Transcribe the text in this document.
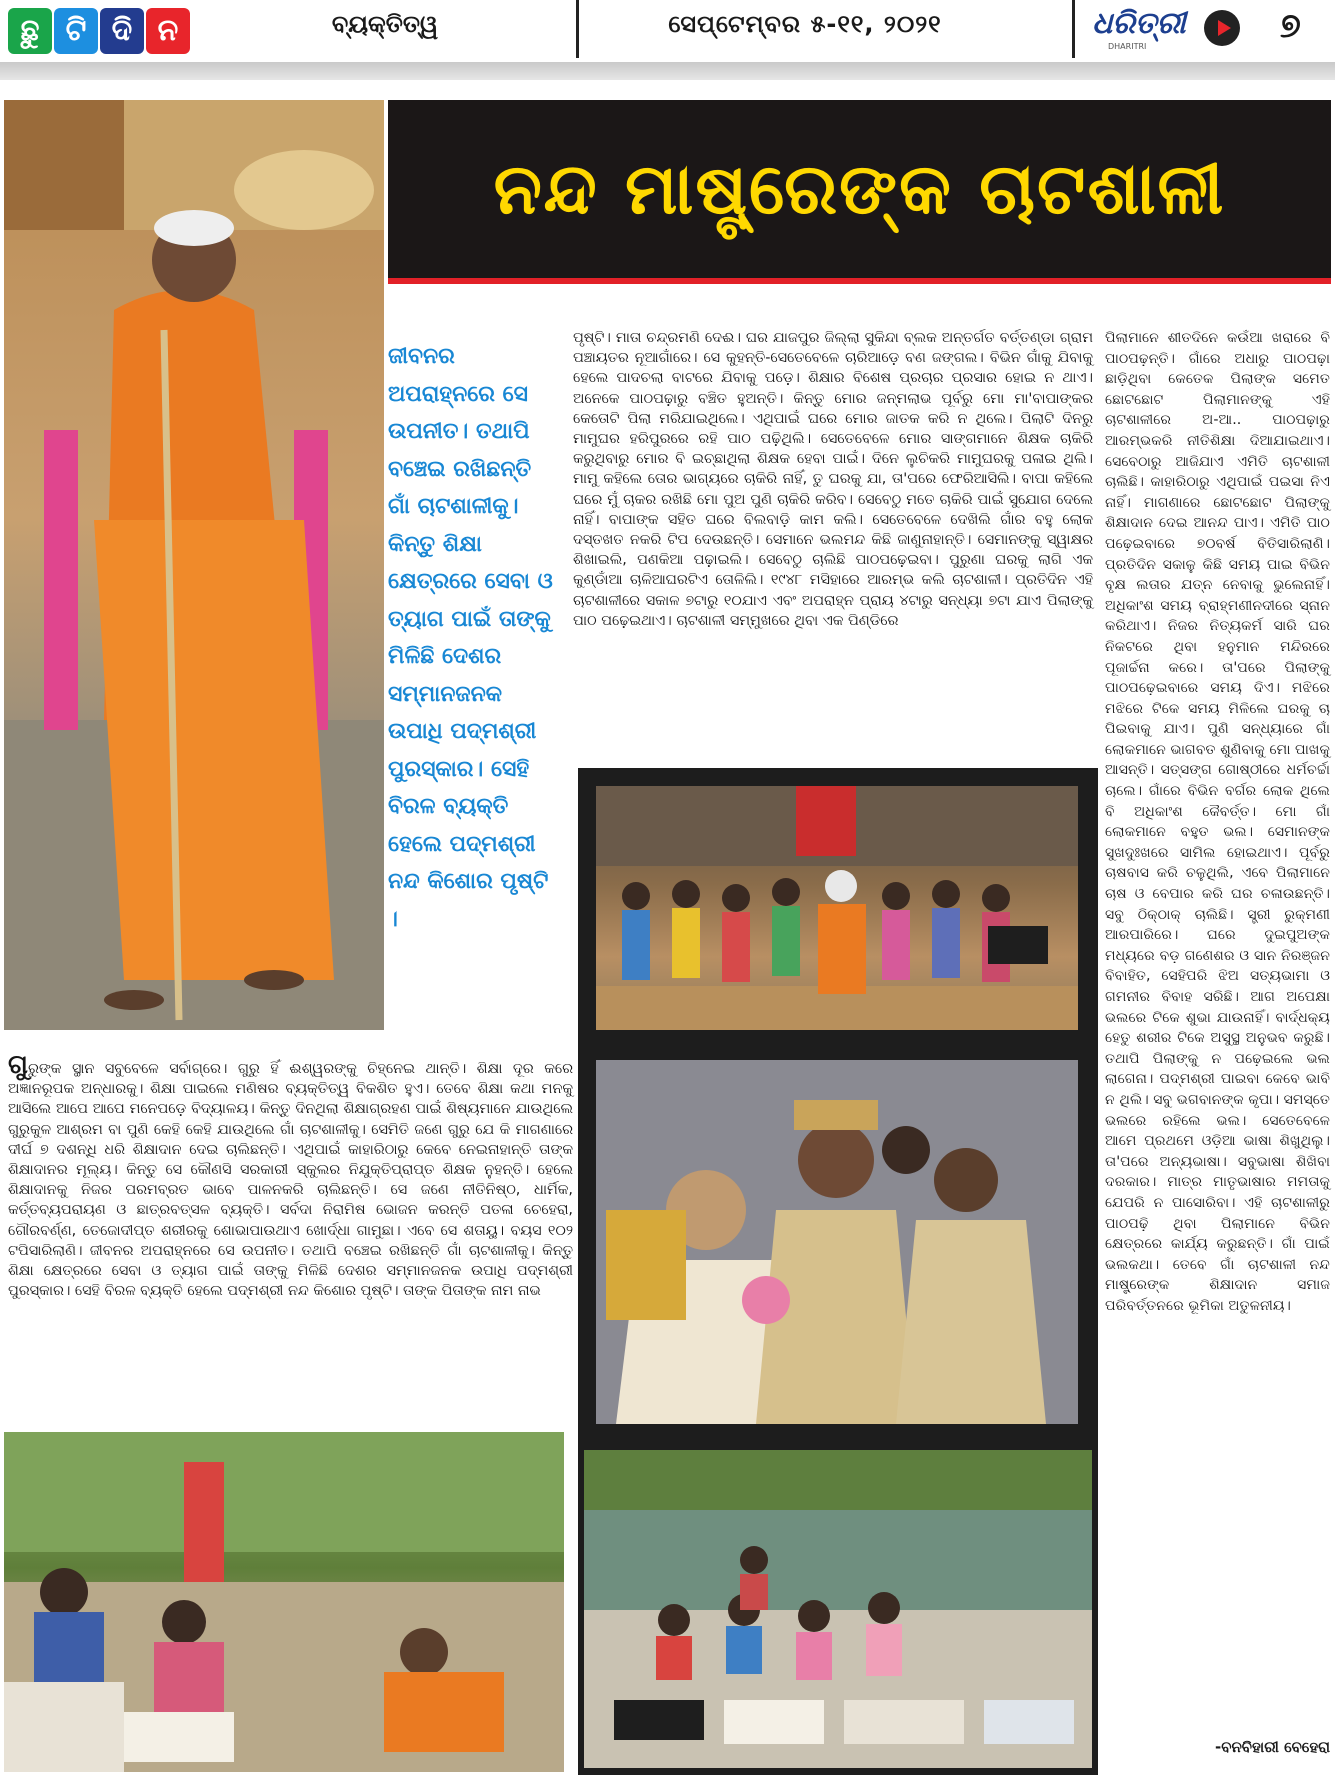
ଛୁ ଟି ଦି ନ	ବ୍ୟକ୍ତିତ୍ୱ	ସେପ୍ଟେମ୍ବର ୫-୧୧, ୨୦୨୧	ଧରିତ୍ରୀ
DHARITRI
୭
ନନ୍ଦ ମାଷ୍ଟ୍ରେଙ୍କ ଚାଟଶାଳୀ
ଜୀବନର ଅପରାହ୍ନରେ ସେ ଉପନୀତ। ତଥାପି ବଞ୍ଚେଇ ରଖିଛନ୍ତି ଗାଁ ଚାଟଶାଳୀକୁ। କିନ୍ତୁ ଶିକ୍ଷା କ୍ଷେତ୍ରରେ ସେବା ଓ ତ୍ୟାଗ ପାଇଁ ତାଙ୍କୁ ମିଳିଛି ଦେଶର ସମ୍ମାନଜନକ ଉପାଧି ପଦ୍ମଶ୍ରୀ ପୁରସ୍କାର। ସେହି ବିରଳ ବ୍ୟକ୍ତି ହେଲେ ପଦ୍ମଶ୍ରୀ ନନ୍ଦ କିଶୋର ପୃଷ୍ଟି ।
ପୃଷ୍ଟି। ମାତା ଚନ୍ଦ୍ରମଣି ଦେଈ। ଘର ଯାଜପୁର ଜିଲ୍ଲା ସୁକିନ୍ଦା ବ୍ଲକ ଅନ୍ତର୍ଗତ ବର୍ତ୍ତଣ୍ଡା ଗ୍ରାମ ପଞ୍ଚାୟତର ନୂଆଗାଁରେ। ସେ କୁହନ୍ତି-ସେତେବେଳେ ଚାରିଆଡ଼େ ବଣ ଜଙ୍ଗଲ। ବିଭିନ ଗାଁକୁ ଯିବାକୁ ହେଲେ ପାଦଚଲା ବାଟରେ ଯିବାକୁ ପଡ଼େ। ଶିକ୍ଷାର ବିଶେଷ ପ୍ରଚାର ପ୍ରସାର ହୋଇ ନ ଥାଏ। ଅନେକେ ପାଠପଢ଼ାରୁ ବଞ୍ଚିତ ହୁଅନ୍ତି। କିନ୍ତୁ ମୋର ଜନ୍ମଲାଭ ପୂର୍ବରୁ ମୋ ମା'ବାପାଙ୍କର କେତୋଟି ପିଲା ମରିଯାଇଥିଲେ। ଏଥିପାଇଁ ଘରେ ମୋର ଜାତକ କରି ନ ଥିଲେ। ପିଲାଟି ଦିନରୁ ମାମୁଘର ହରିପୁରରେ ରହି ପାଠ ପଢ଼ିଥିଲି। ସେତେବେଳେ ମୋର ସାଙ୍ଗମାନେ ଶିକ୍ଷକ ଚାକିରି କରୁଥିବାରୁ ମୋର ବି ଇଚ୍ଛାଥିଲା ଶିକ୍ଷକ ହେବା ପାଇଁ। ଦିନେ ଲୁଚିକରି ମାମୁଘରକୁ ପଳାଇ ଥିଲି। ମାମୁ କହିଲେ ତୋର ଭାଗ୍ୟରେ ଚାକିରି ନାହିଁ, ତୁ ଘରକୁ ଯା, ତା'ପରେ ଫେରିଆସିଲି। ବାପା କହିଲେ ଘରେ ମୁଁ ଚାକର ରଖିଛି ମୋ ପୁଅ ପୁଣି ଚାକିରି କରିବ। ସେବେଠୁ ମତେ ଚାକିରି ପାଇଁ ସୁଯୋଗ ଦେଲେ ନାହିଁ। ବାପାଙ୍କ ସହିତ ଘରେ ବିଲବାଡ଼ି କାମ କଲି। ସେତେବେଳେ ଦେଖିଲି ଗାଁର ବହୁ ଲୋକ ଦସ୍ତଖତ ନକରି ଟିପ ଦେଉଛନ୍ତି। ସେମାନେ ଭଲମନ୍ଦ କିଛି ଜାଣୁନାହାନ୍ତି। ସେମାନଙ୍କୁ ସ୍ୱାକ୍ଷର ଶିଖାଇଲି, ପଣକିଆ ପଢ଼ାଇଲି। ସେବେଠୁ ଚାଲିଛି ପାଠପଢ଼େଇବା। ପୁରୁଣା ଘରକୁ ଲାଗି ଏକ କୁଣ୍ଡାଁଆ ଚାଳିଆଘରଟିଏ ତୋଳିଲି। ୧୯୪୮ ମସିହାରେ ଆରମ୍ଭ କଲି ଚାଟଶାଳୀ। ପ୍ରତିଦିନ ଏହି ଚାଟଶାଳୀରେ ସକାଳ ୭ଟାରୁ ୧୦ଯାଏ ଏବଂ ଅପରାହ୍ନ ପ୍ରାୟ ୪ଟାରୁ ସନ୍ଧ୍ୟା ୭ଟା ଯାଏ ପିଲାଙ୍କୁ ପାଠ ପଢ଼େଇଥାଏ। ଚାଟଶାଳୀ ସମ୍ମୁଖରେ ଥିବା ଏକ ପିଣ୍ଡିରେ
ପିଲାମାନେ ଶୀତଦିନେ କଉଁଆ ଖରାରେ ବି ପାଠପଢ଼ନ୍ତି। ଗାଁରେ ଅଧାରୁ ପାଠପଢ଼ା ଛାଡ଼ିଥିବା କେତେକ ପିଲାଙ୍କ ସମେତ ଛୋଟଛୋଟ ପିଲାମାନଙ୍କୁ ଏହି ଚାଟଶାଳୀରେ ଅ-ଆ.. ପାଠପଢ଼ାରୁ ଆରମ୍ଭକରି ନୀତିଶିକ୍ଷା ଦିଆଯାଇଥାଏ। ସେବେଠାରୁ ଆଜିଯାଏ ଏମିତି ଚାଟଶାଳୀ ଚାଲିଛି। କାହାରିଠାରୁ ଏଥିପାଇଁ ପଇସା ନିଏ ନାହିଁ। ମାଗଣାରେ ଛୋଟଛୋଟ ପିଲାଙ୍କୁ ଶିକ୍ଷାଦାନ ଦେଇ ଆନନ୍ଦ ପାଏ। ଏମିତି ପାଠ ପଢ଼େଇବାରେ ୭୦ବର୍ଷ ବିତିସାରିଲାଣି। ପ୍ରତିଦିନ ସକାଳୁ କିଛି ସମୟ ପାଇ ବିଭିନ ବୃକ୍ଷ ଲତାର ଯତ୍ନ ନେବାକୁ ଭୁଲେନାହିଁ। ଅଧିକାଂଶ ସମୟ ବ୍ରାହ୍ମଣୀନଦୀରେ ସ୍ନାନ କରିଥାଏ। ନିଜର ନିତ୍ୟକର୍ମ ସାରି ଘର ନିକଟରେ ଥିବା ହନୁମାନ ମନ୍ଦିରରେ ପୂଜାର୍ଚ୍ଚନା କରେ। ତା'ପରେ ପିଲାଙ୍କୁ ପାଠପଢ଼େଇବାରେ ସମୟ ଦିଏ। ମଝିରେ ମଝିରେ ଟିକେ ସମୟ ମିଳିଲେ ଘରକୁ ଚା ପିଇବାକୁ ଯାଏ। ପୁଣି ସନ୍ଧ୍ୟାରେ ଗାଁ ଲୋକମାନେ ଭାଗବତ ଶୁଣିବାକୁ ମୋ ପାଖକୁ ଆସନ୍ତି। ସତ୍ସଙ୍ଗ ଗୋଷ୍ଠୀରେ ଧର୍ମଚର୍ଚ୍ଚା ଚାଲେ। ଗାଁରେ ବିଭିନ ବର୍ଗର ଲୋକ ଥିଲେ ବି ଅଧିକାଂଶ କୈବର୍ତ୍ତ। ମୋ ଗାଁ ଲୋକମାନେ ବହୁତ ଭଲ। ସେମାନଙ୍କ ସୁଖଦୁଃଖରେ ସାମିଲ ହୋଇଥାଏ। ପୂର୍ବରୁ ଚାଷବାସ କରି ଚଳୁଥିଲି, ଏବେ ପିଲାମାନେ ଚାଷ ଓ ବେପାର କରି ଘର ଚଳାଉଛନ୍ତି। ସବୁ ଠିକ୍‌ଠାକ୍ ଚାଲିଛି। ସ୍ତ୍ରୀ ରୁକ୍ମଣୀ ଆରପାରିରେ। ଘରେ ଦୁଇପୁଅଙ୍କ ମଧ୍ୟରେ ବଡ଼ ଗଣେଶର ଓ ସାନ ନିରଞ୍ଜନ ବିବାହିତ, ସେହିପରି ଝିଅ ସତ୍ୟଭାମା ଓ ଗମନୀର ବିବାହ ସରିଛି। ଆଗ ଅପେକ୍ଷା ଭଲରେ ଟିକେ ଶୁଭା ଯାଉନାହିଁ। ବାର୍ଦ୍ଧକ୍ୟ ହେତୁ ଶରୀର ଟିକେ ଅସୁସ୍ଥ ଅନୁଭବ କରୁଛି। ତଥାପି ପିଲାଙ୍କୁ ନ ପଢ଼େଇଲେ ଭଲ ଲାଗେନା। ପଦ୍ମଶ୍ରୀ ପାଇବା କେବେ ଭାବି ନ ଥିଲି। ସବୁ ଭଗବାନଙ୍କ କୃପା। ସମସ୍ତେ ଭଲରେ ରହିଲେ ଭଲ। ସେତେବେଳେ ଆମେ ପ୍ରଥମେ ଓଡ଼ିଆ ଭାଷା ଶିଖୁଥିଲୁ। ତା'ପରେ ଅନ୍ୟଭାଷା। ସବୁଭାଷା ଶିଖିବା ଦରକାର। ମାତ୍ର ମାତୃଭାଷାର ମମତାକୁ ଯେପରି ନ ପାସୋରିବା। ଏହି ଚାଟଶାଳୀରୁ ପାଠପଢ଼ି ଥିବା ପିଲାମାନେ ବିଭିନ କ୍ଷେତ୍ରରେ କାର୍ଯ୍ୟ କରୁଛନ୍ତି। ଗାଁ ପାଇଁ ଭଲକଥା। ତେବେ ଗାଁ ଚାଟଶାଳୀ ନନ୍ଦ ମାଷ୍ଟ୍ରେଙ୍କ ଶିକ୍ଷାଦାନ ସମାଜ ପରିବର୍ତ୍ତନରେ ଭୂମିକା ଅତୁଳନୀୟ।
-ବନବିହାରୀ ବେହେରା
ଗୁରୁଙ୍କ ସ୍ଥାନ ସବୁବେଳେ ସର୍ବାଗ୍ରେ। ଗୁରୁ ହିଁ ଈଶ୍ୱରଙ୍କୁ ଚିହ୍ନେଇ ଥାନ୍ତି। ଶିକ୍ଷା ଦୂର କରେ ଅଜ୍ଞାନରୂପକ ଅନ୍ଧାରକୁ। ଶିକ୍ଷା ପାଇଲେ ମଣିଷର ବ୍ୟକ୍ତିତ୍ୱ ବିକଶିତ ହୁଏ। ତେବେ ଶିକ୍ଷା କଥା ମନକୁ ଆସିଲେ ଆପେ ଆପେ ମନେପଡ଼େ ବିଦ୍ୟାଳୟ। କିନ୍ତୁ ଦିନଥିଲା ଶିକ୍ଷାଗ୍ରହଣ ପାଇଁ ଶିଷ୍ୟମାନେ ଯାଉଥିଲେ ଗୁରୁକୁଳ ଆଶ୍ରମ ବା ପୁଣି କେହି କେହି ଯାଉଥିଲେ ଗାଁ ଚାଟଶାଳୀକୁ। ସେମିତି ଜଣେ ଗୁରୁ ଯେ କି ମାଗଣାରେ ଦୀର୍ଘ ୭ ଦଶନ୍ଧି ଧରି ଶିକ୍ଷାଦାନ ଦେଇ ଚାଲିଛନ୍ତି। ଏଥିପାଇଁ କାହାରିଠାରୁ କେବେ ନେଇନାହାନ୍ତି ତାଙ୍କ ଶିକ୍ଷାଦାନର ମୂଲ୍ୟ। କିନ୍ତୁ ସେ କୌଣସି ସରକାରୀ ସ୍କୁଲର ନିଯୁକ୍ତିପ୍ରାପ୍ତ ଶିକ୍ଷକ ନୁହନ୍ତି। ହେଲେ ଶିକ୍ଷାଦାନକୁ ନିଜର ପରମବ୍ରତ ଭାବେ ପାଳନକରି ଚାଲିଛନ୍ତି। ସେ ଜଣେ ନୀତିନିଷ୍ଠ, ଧାର୍ମିକ, କର୍ତ୍ତବ୍ୟପରାୟଣ ଓ ଛାତ୍ରବତ୍ସଳ ବ୍ୟକ୍ତି। ସର୍ବଦା ନିରାମିଷ ଭୋଜନ କରନ୍ତି ପତଳା ଚେହେରା, ଗୌରବର୍ଣ୍ଣ, ତେଜୋଦୀପ୍ତ ଶରୀରକୁ ଶୋଭାପାଉଥାଏ ଖୋର୍ଦ୍ଧା ଗାମୁଛା। ଏବେ ସେ ଶତାୟୁ। ବୟସ ୧୦୨ ଟପିସାରିଲାଣି। ଜୀବନର ଅପରାହ୍ନରେ ସେ ଉପନୀତ। ତଥାପି ବଞ୍ଚେଇ ରଖିଛନ୍ତି ଗାଁ ଚାଟଶାଳୀକୁ। କିନ୍ତୁ ଶିକ୍ଷା କ୍ଷେତ୍ରରେ ସେବା ଓ ତ୍ୟାଗ ପାଇଁ ତାଙ୍କୁ ମିଳିଛି ଦେଶର ସମ୍ମାନଜନକ ଉପାଧି ପଦ୍ମଶ୍ରୀ ପୁରସ୍କାର। ସେହି ବିରଳ ବ୍ୟକ୍ତି ହେଲେ ପଦ୍ମଶ୍ରୀ ନନ୍ଦ କିଶୋର ପୃଷ୍ଟି। ତାଙ୍କ ପିତାଙ୍କ ନାମ ନାଭ
